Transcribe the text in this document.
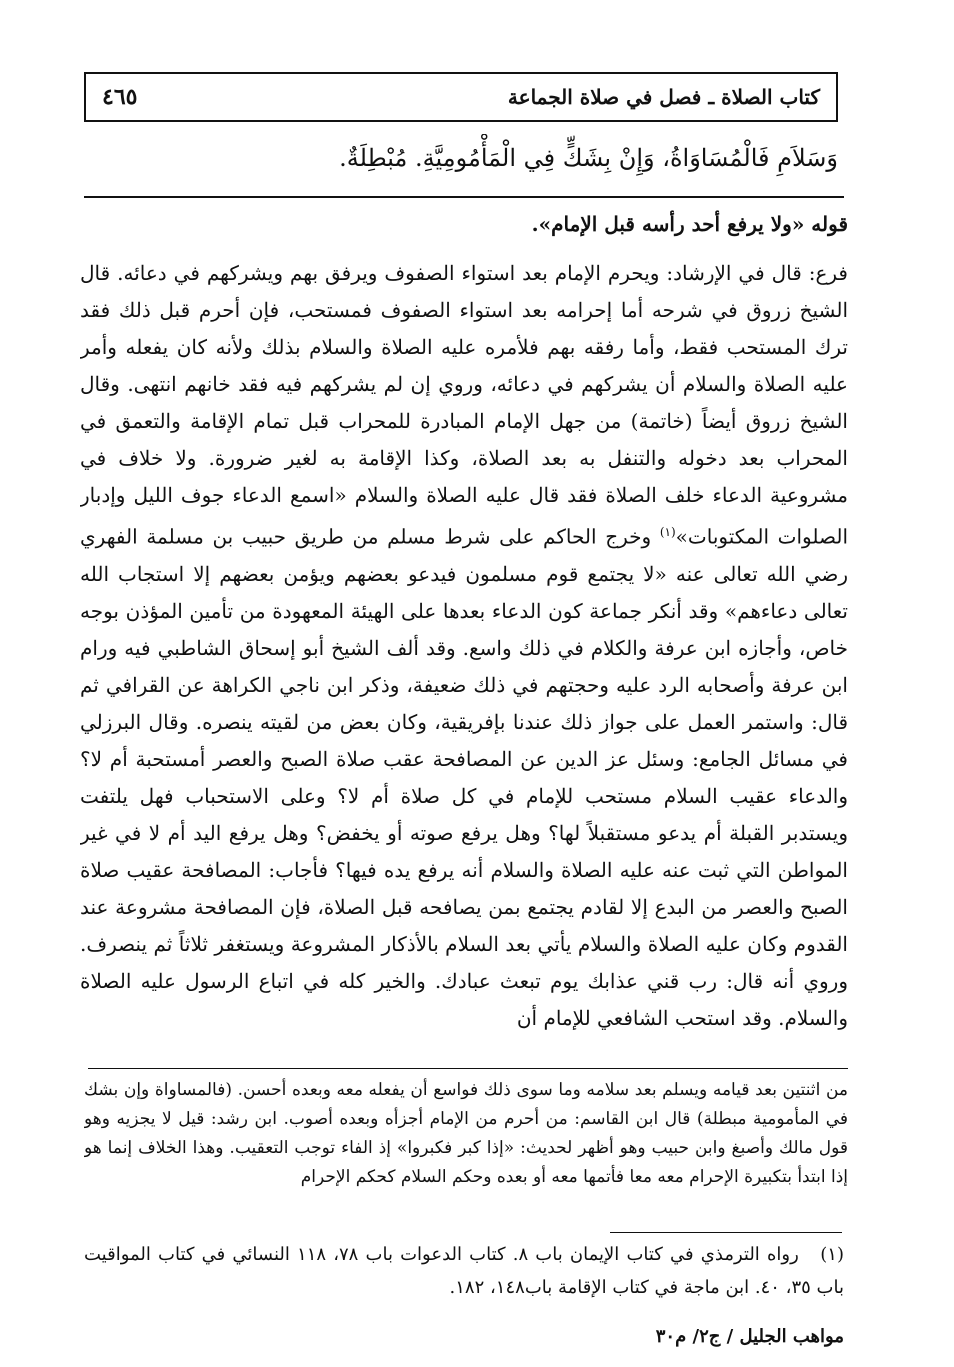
كتاب الصلاة ـ فصل في صلاة الجماعة
٤٦٥
وَسَلاَمِ فَالْمُسَاوَاةُ، وَإِنْ بِشَكٍّ فِي الْمَأْمُومِيَّةِ. مُبْطِلَةٌ.

قوله «ولا يرفع أحد رأسه قبل الإمام».

فرع: قال في الإرشاد: ويحرم الإمام بعد استواء الصفوف ويرفق بهم ويشركهم في دعائه. قال الشيخ زروق في شرحه أما إحرامه بعد استواء الصفوف فمستحب، فإن أحرم قبل ذلك فقد ترك المستحب فقط، وأما رفقه بهم فلأمره عليه الصلاة والسلام بذلك ولأنه كان يفعله وأمر عليه الصلاة والسلام أن يشركهم في دعائه، وروي إن لم يشركهم فيه فقد خانهم انتهى. وقال الشيخ زروق أيضاً (خاتمة) من جهل الإمام المبادرة للمحراب قبل تمام الإقامة والتعمق في المحراب بعد دخوله والتنفل به بعد الصلاة، وكذا الإقامة به لغير ضرورة. ولا خلاف في مشروعية الدعاء خلف الصلاة فقد قال عليه الصلاة والسلام «اسمع الدعاء جوف الليل وإدبار الصلوات المكتوبات»$^{(١)}$ وخرج الحاكم على شرط مسلم من طريق حبيب بن مسلمة الفهري رضي الله تعالى عنه «لا يجتمع قوم مسلمون فيدعو بعضهم ويؤمن بعضهم إلا استجاب الله تعالى دعاءهم» وقد أنكر جماعة كون الدعاء بعدها على الهيئة المعهودة من تأمين المؤذن بوجه خاص، وأجازه ابن عرفة والكلام في ذلك واسع. وقد ألف الشيخ أبو إسحاق الشاطبي فيه ورام ابن عرفة وأصحابه الرد عليه وحجتهم في ذلك ضعيفة، وذكر ابن ناجي الكراهة عن القرافي ثم قال: واستمر العمل على جواز ذلك عندنا بإفريقية، وكان بعض من لقيته ينصره. وقال البرزلي في مسائل الجامع: وسئل عز الدين عن المصافحة عقب صلاة الصبح والعصر أمستحبة أم لا؟ والدعاء عقيب السلام مستحب للإمام في كل صلاة أم لا؟ وعلى الاستحباب فهل يلتفت ويستدبر القبلة أم يدعو مستقبلاً لها؟ وهل يرفع صوته أو يخفض؟ وهل يرفع اليد أم لا في غير المواطن التي ثبت عنه عليه الصلاة والسلام أنه يرفع يده فيها؟ فأجاب: المصافحة عقيب صلاة الصبح والعصر من البدع إلا لقادم يجتمع بمن يصافحه قبل الصلاة، فإن المصافحة مشروعة عند القدوم وكان عليه الصلاة والسلام يأتي بعد السلام بالأذكار المشروعة ويستغفر ثلاثاً ثم ينصرف. وروي أنه قال: رب قني عذابك يوم تبعث عبادك. والخير كله في اتباع الرسول عليه الصلاة والسلام. وقد استحب الشافعي للإمام أن

من اثنتين بعد قيامه ويسلم بعد سلامه وما سوى ذلك فواسع أن يفعله معه وبعده أحسن. (فالمساواة وإن بشك في المأمومية مبطلة) قال ابن القاسم: من أحرم من الإمام أجزأه وبعده أصوب. ابن رشد: قيل لا يجزيه وهو قول مالك وأصبغ وابن حبيب وهو أظهر لحديث: «إذا كبر فكبروا» إذ الفاء توجب التعقيب. وهذا الخلاف إنما هو إذا ابتدأ بتكبيرة الإحرام معه معا فأتمها معه أو بعده وحكم السلام كحكم الإحرام

(١)   رواه الترمذي في كتاب الإيمان باب ٨. كتاب الدعوات باب ٧٨، ١١٨ النسائي في كتاب المواقيت باب ٣٥، ٤٠. ابن ماجة في كتاب الإقامة باب١٤٨، ١٨٢.

مواهب الجليل / ج٢/ م٣٠
